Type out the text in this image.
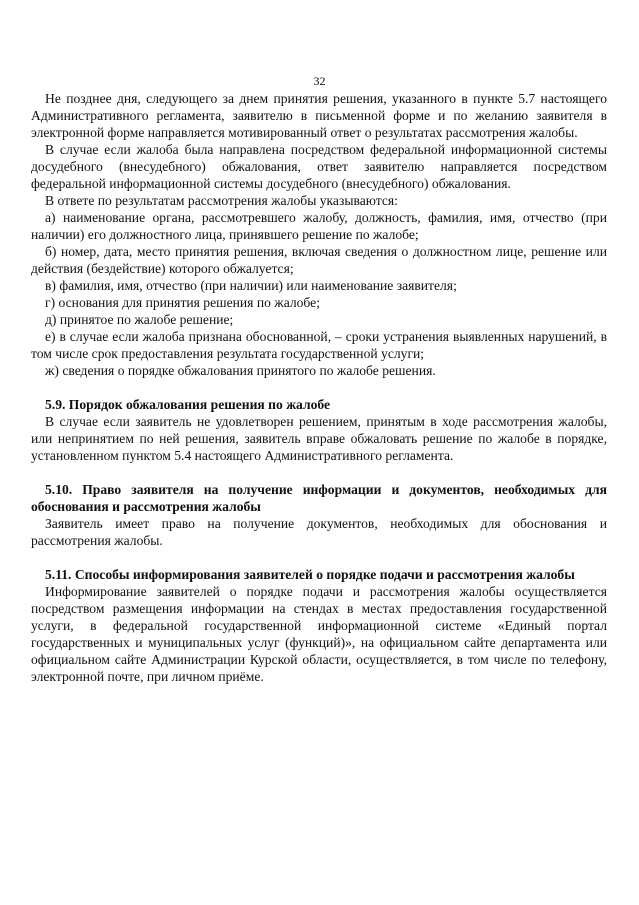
32

Не позднее дня, следующего за днем принятия решения, указанного в пункте 5.7 настоящего Административного регламента, заявителю в письменной форме и по желанию заявителя в электронной форме направляется мотивированный ответ о результатах рассмотрения жалобы.

В случае если жалоба была направлена посредством федеральной информационной системы досудебного (внесудебного) обжалования, ответ заявителю направляется посредством федеральной информационной системы досудебного (внесудебного) обжалования.

В ответе по результатам рассмотрения жалобы указываются:

а) наименование органа, рассмотревшего жалобу, должность, фамилия, имя, отчество (при наличии) его должностного лица, принявшего решение по жалобе;

б) номер, дата, место принятия решения, включая сведения о должностном лице, решение или действия (бездействие) которого обжалуется;

в) фамилия, имя, отчество (при наличии) или наименование заявителя;

г) основания для принятия решения по жалобе;

д) принятое по жалобе решение;

е) в случае если жалоба признана обоснованной, – сроки устранения выявленных нарушений, в том числе срок предоставления результата государственной услуги;

ж) сведения о порядке обжалования принятого по жалобе решения.

5.9. Порядок обжалования решения по жалобе

В случае если заявитель не удовлетворен решением, принятым в ходе рассмотрения жалобы, или непринятием по ней решения, заявитель вправе обжаловать решение по жалобе в порядке, установленном пунктом 5.4 настоящего Административного регламента.

5.10. Право заявителя на получение информации и документов, необходимых для обоснования и рассмотрения жалобы

Заявитель имеет право на получение документов, необходимых для обоснования и рассмотрения жалобы.

5.11. Способы информирования заявителей о порядке подачи и рассмотрения жалобы

Информирование заявителей о порядке подачи и рассмотрения жалобы осуществляется посредством размещения информации на стендах в местах предоставления государственной услуги, в федеральной государственной информационной системе «Единый портал государственных и муниципальных услуг (функций)», на официальном сайте департамента или официальном сайте Администрации Курской области, осуществляется, в том числе по телефону, электронной почте, при личном приёме.
